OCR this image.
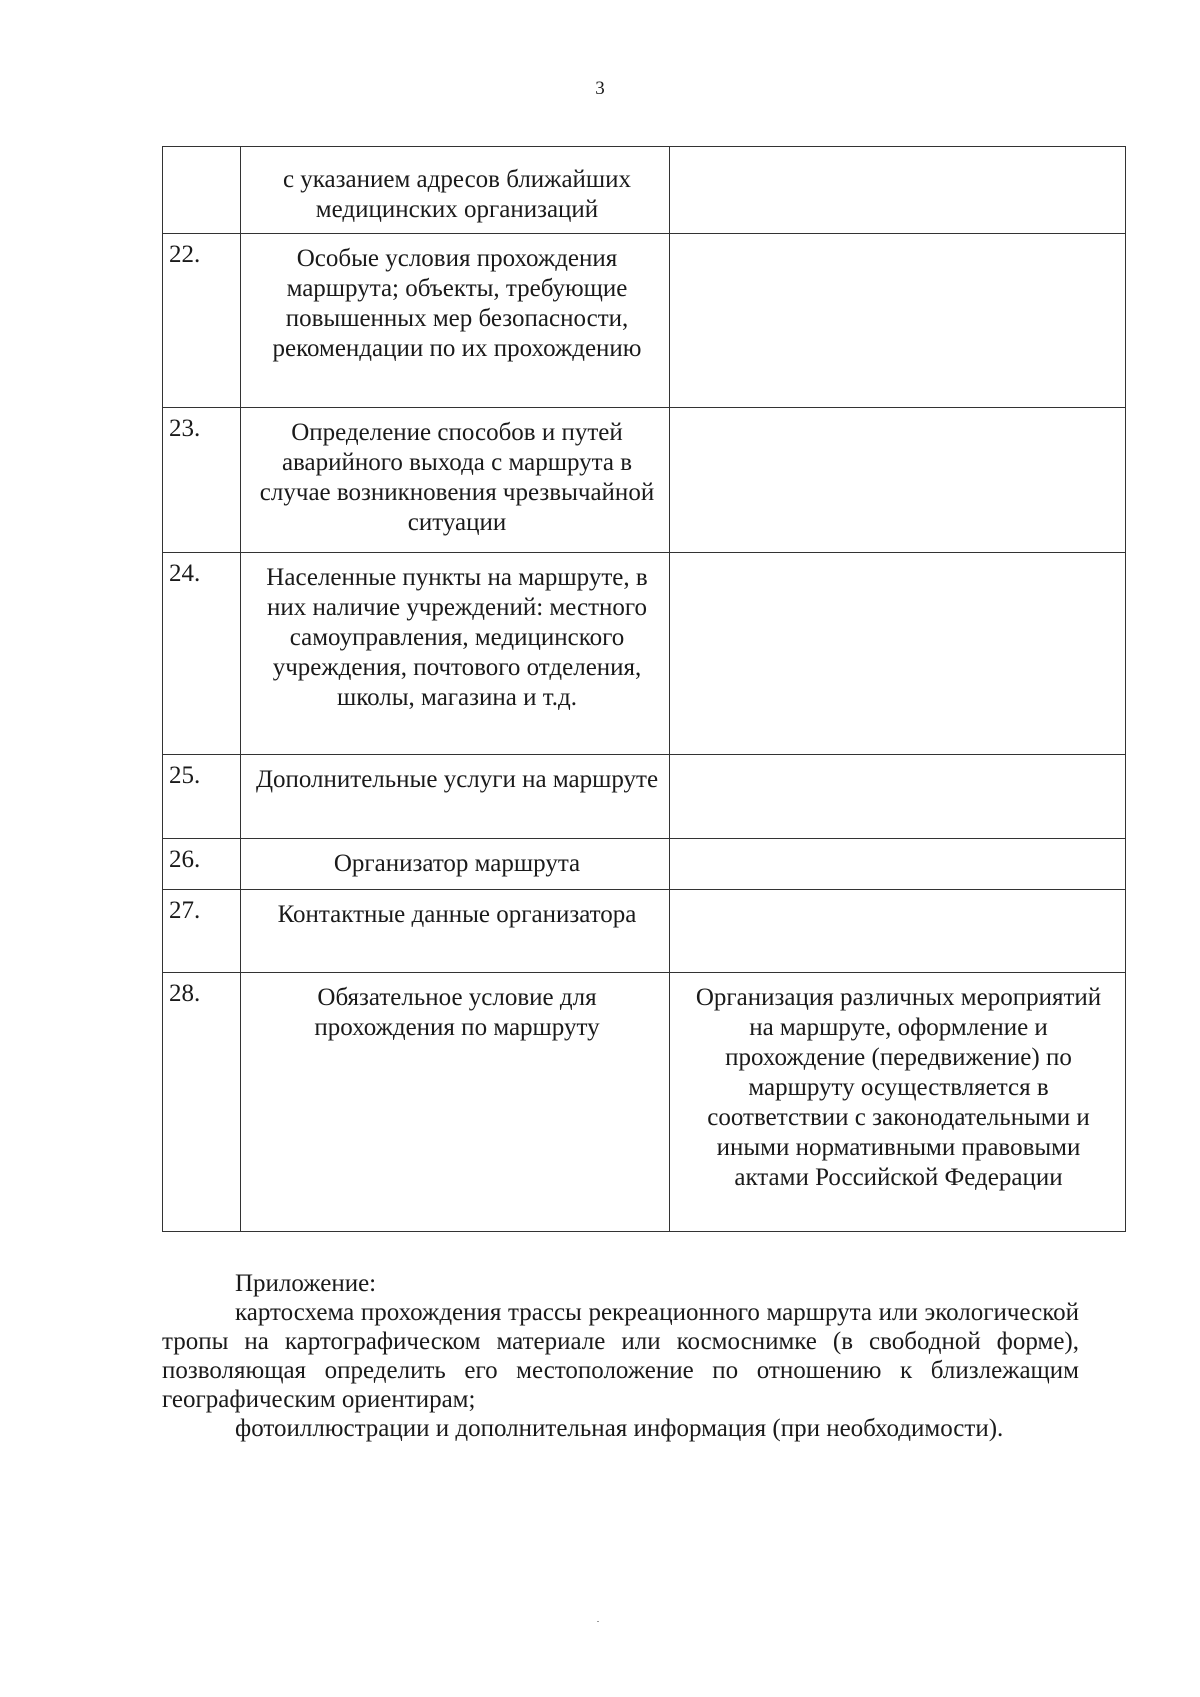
3
	с указанием адресов ближайших медицинских организаций	
22.	Особые условия прохождения маршрута; объекты, требующие повышенных мер безопасности, рекомендации по их прохождению	
23.	Определение способов и путей аварийного выхода с маршрута в случае возникновения чрезвычайной ситуации	
24.	Населенные пункты на маршруте, в них наличие учреждений: местного самоуправления, медицинского учреждения, почтового отделения, школы, магазина и т.д.	
25.	Дополнительные услуги на маршруте	
26.	Организатор маршрута	
27.	Контактные данные организатора	
28.	Обязательное условие для прохождения по маршруту	Организация различных мероприятий на маршруте, оформление и прохождение (передвижение) по маршруту осуществляется в соответствии с законодательными и иными нормативными правовыми актами Российской Федерации

Приложение:

картосхема прохождения трассы рекреационного маршрута или экологической тропы на картографическом материале или космоснимке (в свободной форме), позволяющая определить его местоположение по отношению к близлежащим географическим ориентирам;

фотоиллюстрации и дополнительная информация (при необходимости).
